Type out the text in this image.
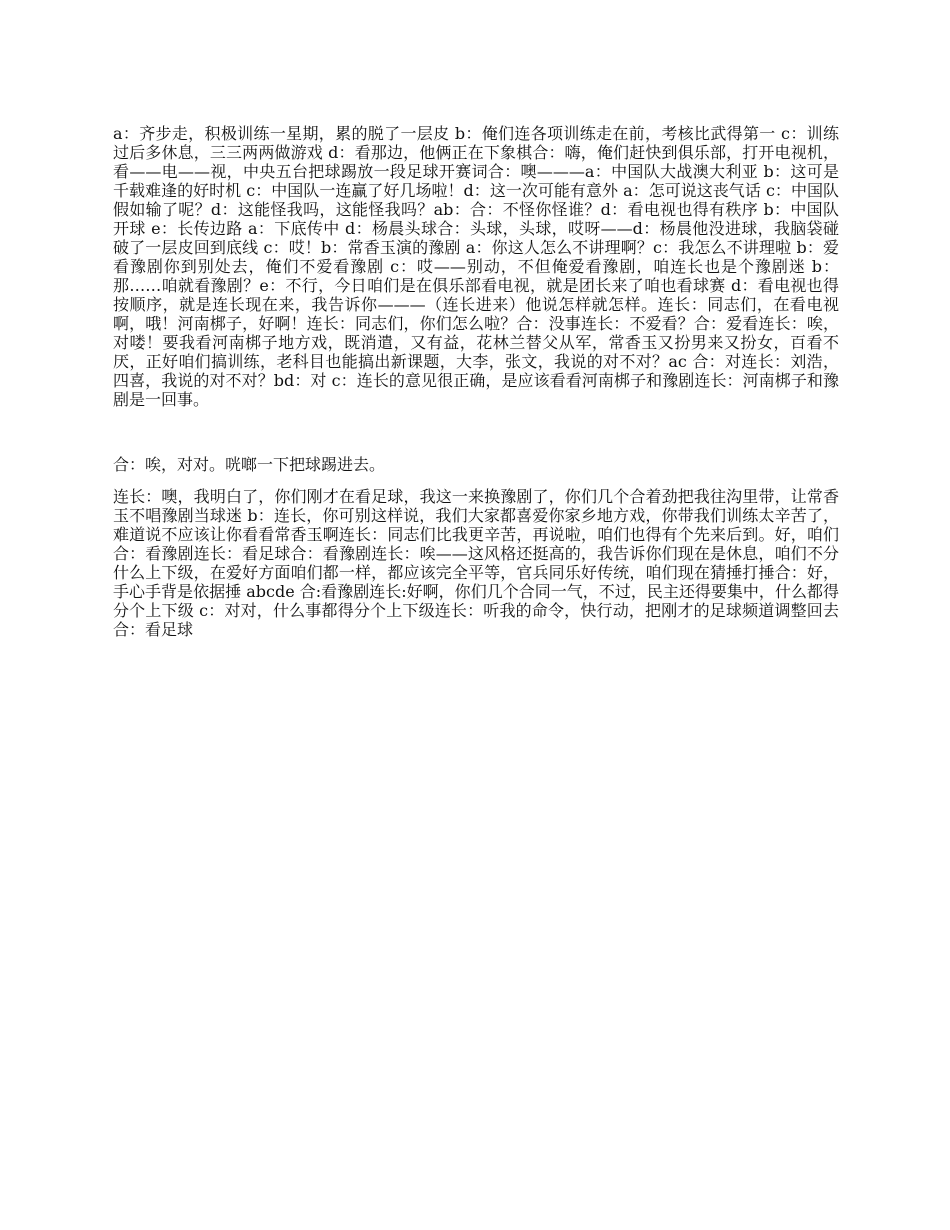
a：齐步走，积极训练一星期，累的脱了一层皮 b：俺们连各项训练走在前，考核比武得第一 c：训练过后多休息，三三两两做游戏 d：看那边，他俩正在下象棋合：嗨，俺们赶快到俱乐部，打开电视机，看——电——视，中央五台把球踢放一段足球开赛词合：噢———a：中国队大战澳大利亚 b：这可是千载难逢的好时机 c：中国队一连赢了好几场啦！d：这一次可能有意外 a：怎可说这丧气话 c：中国队假如输了呢？d：这能怪我吗，这能怪我吗？ab：合：不怪你怪谁？d：看电视也得有秩序 b：中国队开球 e：长传边路 a：下底传中 d：杨晨头球合：头球，头球，哎呀——d：杨晨他没进球，我脑袋碰破了一层皮回到底线 c：哎！b：常香玉演的豫剧 a：你这人怎么不讲理啊？c：我怎么不讲理啦 b：爱看豫剧你到别处去，俺们不爱看豫剧 c：哎——别动，不但俺爱看豫剧，咱连长也是个豫剧迷 b：那……咱就看豫剧？e：不行，今日咱们是在俱乐部看电视，就是团长来了咱也看球赛 d：看电视也得按顺序，就是连长现在来，我告诉你———（连长进来）他说怎样就怎样。连长：同志们，在看电视啊，哦！河南梆子，好啊！连长：同志们，你们怎么啦？合：没事连长：不爱看？合：爱看连长：唉，对喽！要我看河南梆子地方戏，既消遣，又有益，花林兰替父从军，常香玉又扮男来又扮女，百看不厌，正好咱们搞训练，老科目也能搞出新课题，大李，张文，我说的对不对？ac 合：对连长：刘浩，四喜，我说的对不对？bd：对 c：连长的意见很正确，是应该看看河南梆子和豫剧连长：河南梆子和豫剧是一回事。

合：唉，对对。咣啷一下把球踢进去。

连长：噢，我明白了，你们刚才在看足球，我这一来换豫剧了，你们几个合着劲把我往沟里带，让常香玉不唱豫剧当球迷 b：连长，你可别这样说，我们大家都喜爱你家乡地方戏，你带我们训练太辛苦了，难道说不应该让你看看常香玉啊连长：同志们比我更辛苦，再说啦，咱们也得有个先来后到。好，咱们合：看豫剧连长：看足球合：看豫剧连长：唉——这风格还挺高的，我告诉你们现在是休息，咱们不分什么上下级，在爱好方面咱们都一样，都应该完全平等，官兵同乐好传统，咱们现在猜捶打捶合：好，手心手背是依据捶 abcde 合:看豫剧连长:好啊，你们几个合同一气，不过，民主还得要集中，什么都得分个上下级 c：对对，什么事都得分个上下级连长：听我的命令，快行动，把刚才的足球频道调整回去合：看足球
